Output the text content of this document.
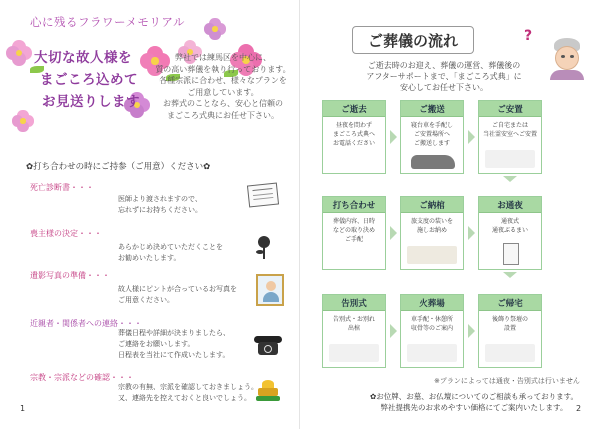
心に残るフラワーメモリアル
大切な故人様を
まごころ込めて
お見送りします
弊社では練馬区を中心に、
質の高い葬儀を執り行っております。
各種宗派に合わせ、様々なプランを
ご用意しています。
お葬式のことなら、安心と信頼の
まごころ式典にお任せ下さい。
✿打ち合わせの時にご持参（ご用意）ください✿
死亡診断書・・・
医師より渡されますので、
忘れずにお持ちください。
喪主様の決定・・・
あらかじめ決めていただくことを
お勧めいたします。
遺影写真の準備・・・
故人様にピントが合っているお写真を
ご用意ください。
近親者・関係者への連絡・・・
葬儀日程や詳細が決まりましたら、
ご連絡をお願いします。
日程表を当社にて作成いたします。
宗教・宗派などの確認・・・
宗教の有無、宗派を確認しておきましょう。
又、連絡先を控えておくと良いでしょう。
1
ご葬儀の流れ	?
ご逝去時のお迎え、葬儀の運営、葬儀後の
アフターサポートまで、「まごころ式典」に
安心してお任せ下さい。
ご逝去
昼夜を問わず
まごころ式典へ
お電話ください
ご搬送
寝台車を手配し
ご安置場所へ
ご搬送します
ご安置
ご自宅または
当社霊安室へご安置
打ち合わせ
葬儀内容、日時
などの取り決め
ご手配
ご納棺
旅支度の装いを
施しお納め
お通夜
通夜式
通夜ぶるまい
告別式
告別式・お別れ
出棺
火葬場
車手配・休憩所
収骨等のご案内
ご帰宅
後飾り祭壇の
設置
※プランによっては通夜・告別式は行いません
✿お位牌、お墓、お仏壇についてのご相談も承っております。
弊社提携先のお求めやすい価格にてご案内いたします。	2
